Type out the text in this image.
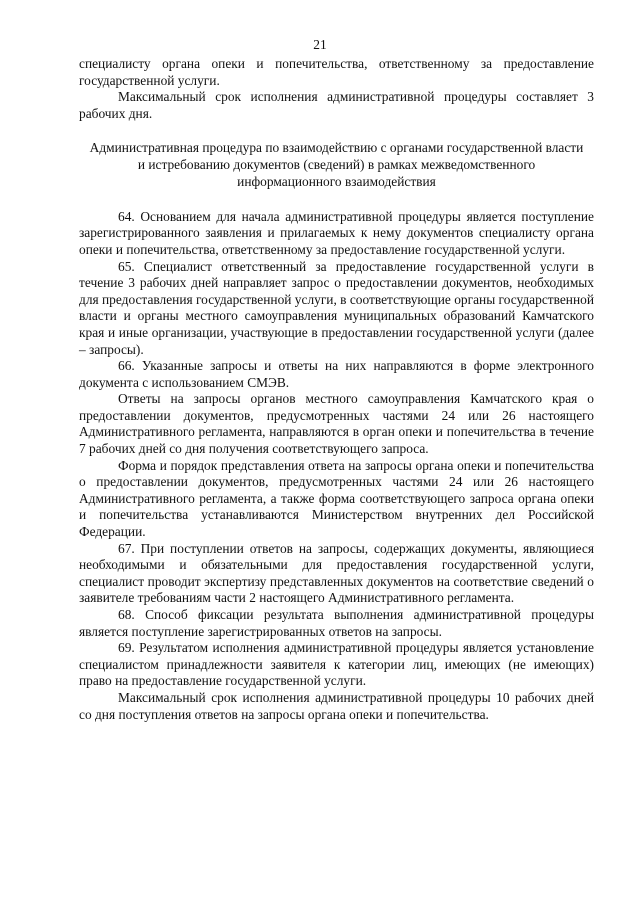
21

специалисту органа опеки и попечительства, ответственному за предоставление государственной услуги.

Максимальный срок исполнения административной процедуры составляет 3 рабочих дня.

Административная процедура по взаимодействию с органами государственной власти и истребованию документов (сведений) в рамках межведомственного информационного взаимодействия

64. Основанием для начала административной процедуры является поступление зарегистрированного заявления и прилагаемых к нему документов специалисту органа опеки и попечительства, ответственному за предоставление государственной услуги.

65. Специалист ответственный за предоставление государственной услуги в течение 3 рабочих дней направляет запрос о предоставлении документов, необходимых для предоставления государственной услуги, в соответствующие органы государственной власти и органы местного самоуправления муниципальных образований Камчатского края и иные организации, участвующие в предоставлении государственной услуги (далее – запросы).

66. Указанные запросы и ответы на них направляются в форме электронного документа с использованием СМЭВ.

Ответы на запросы органов местного самоуправления Камчатского края о предоставлении документов, предусмотренных частями 24 или 26 настоящего Административного регламента, направляются в орган опеки и попечительства в течение 7 рабочих дней со дня получения соответствующего запроса.

Форма и порядок представления ответа на запросы органа опеки и попечительства о предоставлении документов, предусмотренных частями 24 или 26 настоящего Административного регламента, а также форма соответствующего запроса органа опеки и попечительства устанавливаются Министерством внутренних дел Российской Федерации.

67. При поступлении ответов на запросы, содержащих документы, являющиеся необходимыми и обязательными для предоставления государственной услуги, специалист проводит экспертизу представленных документов на соответствие сведений о заявителе требованиям части 2 настоящего Административного регламента.

68. Способ фиксации результата выполнения административной процедуры является поступление зарегистрированных ответов на запросы.

69. Результатом исполнения административной процедуры является установление специалистом принадлежности заявителя к категории лиц, имеющих (не имеющих) право на предоставление государственной услуги.

Максимальный срок исполнения административной процедуры 10 рабочих дней со дня поступления ответов на запросы органа опеки и попечительства.
